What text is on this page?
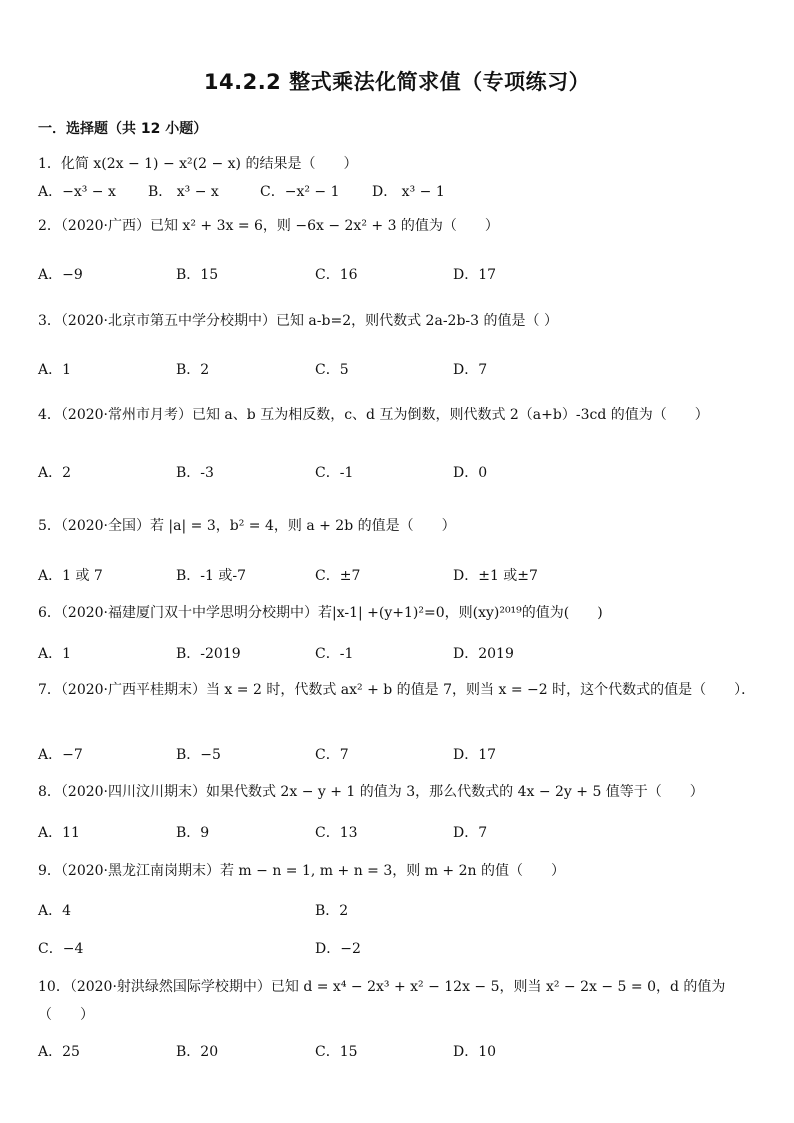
14.2.2 整式乘法化简求值（专项练习）
一．选择题（共 12 小题）
1．化简 x(2x − 1) − x²(2 − x) 的结果是（　　）
A．−x³ − x B． x³ − x	C．−x² − 1 D． x³ − 1
2．（2020·广西）已知 x² + 3x = 6，则 −6x − 2x² + 3 的值为（　　）
A．−9	B．15	C．16	D．17
3．（2020·北京市第五中学分校期中）已知 a-b=2，则代数式 2a-2b-3 的值是（ ）
A．1	B．2	C．5	D．7
4．（2020·常州市月考）已知 a、b 互为相反数，c、d 互为倒数，则代数式 2（a+b）-3cd 的值为（　　）
A．2	B．-3	C．-1	D．0
5．（2020·全国）若 |a| = 3，b² = 4，则 a + 2b 的值是（　　）
A．1 或 7	B．-1 或-7	C．±7	D．±1 或±7
6．（2020·福建厦门双十中学思明分校期中）若|x-1| +(y+1)²=0，则(xy)²⁰¹⁹的值为(　　)
A．1	B．-2019	C．-1	D．2019
7．（2020·广西平桂期末）当 x = 2 时，代数式 ax² + b 的值是 7，则当 x = −2 时，这个代数式的值是（　　）．
A．−7	B．−5	C．7	D．17
8．（2020·四川汶川期末）如果代数式 2x − y + 1 的值为 3，那么代数式的 4x − 2y + 5 值等于（　　）
A．11	B．9	C．13	D．7
9．（2020·黑龙江南岗期末）若 m − n = 1, m + n = 3，则 m + 2n 的值（　　）
A．4	B．2
C．−4	D．−2
10．（2020·射洪绿然国际学校期中）已知 d = x⁴ − 2x³ + x² − 12x − 5，则当 x² − 2x − 5 = 0，d 的值为（　　）
A．25	B．20	C．15	D．10
